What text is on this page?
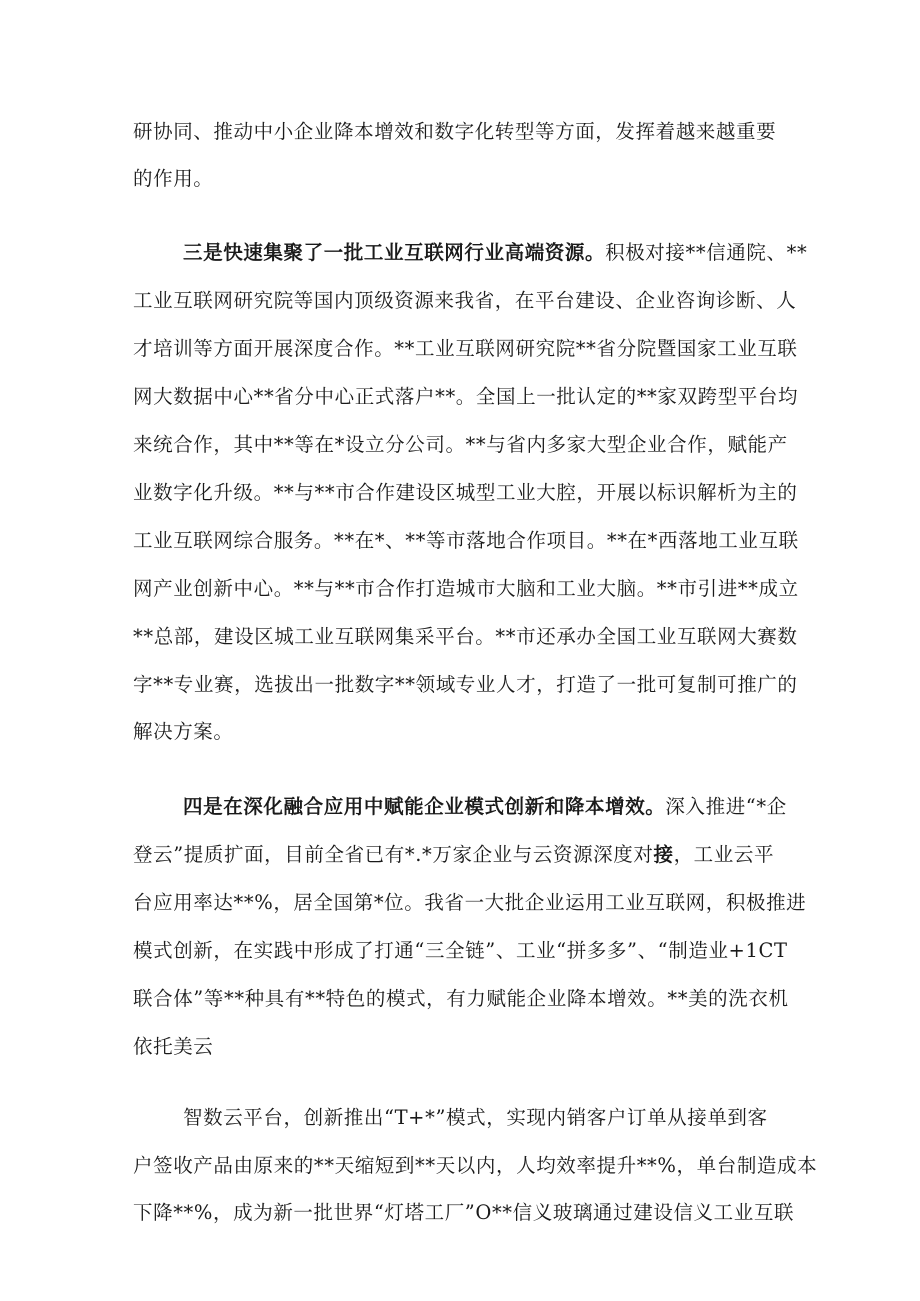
研协同、推动中小企业降本增效和数字化转型等方面，发挥着越来越重要
的作用。
三是快速集聚了一批工业互联网行业高端资源。积极对接**信通院、**
工业互联网研究院等国内顶级资源来我省，在平台建设、企业咨询诊断、人
才培训等方面开展深度合作。**工业互联网研究院**省分院暨国家工业互联
网大数据中心**省分中心正式落户**。全国上一批认定的**家双跨型平台均
来统合作，其中**等在*设立分公司。**与省内多家大型企业合作，赋能产
业数字化升级。**与**市合作建设区城型工业大腔，开展以标识解析为主的
工业互联网综合服务。**在*、**等市落地合作项目。**在*西落地工业互联
网产业创新中心。**与**市合作打造城市大脑和工业大脑。**市引进**成立
**总部，建设区城工业互联网集采平台。**市还承办全国工业互联网大赛数
字**专业赛，选拔出一批数字**领域专业人才，打造了一批可复制可推广的
解决方案。
四是在深化融合应用中赋能企业模式创新和降本增效。深入推进“*企
登云”提质扩面，目前全省已有*.*万家企业与云资源深度对接，工业云平
台应用率达**%，居全国第*位。我省一大批企业运用工业互联网，积极推进
模式创新，在实践中形成了打通“三全链”、工业“拼多多”、“制造业+1CT
联合体”等**种具有**特色的模式，有力赋能企业降本增效。**美的洗衣机
依托美云
智数云平台，创新推出“T+*”模式，实现内销客户订单从接单到客
户签收产品由原来的**天缩短到**天以内，人均效率提升**%，单台制造成本
下降**%，成为新一批世界“灯塔工厂”O**信义玻璃通过建设信义工业互联
